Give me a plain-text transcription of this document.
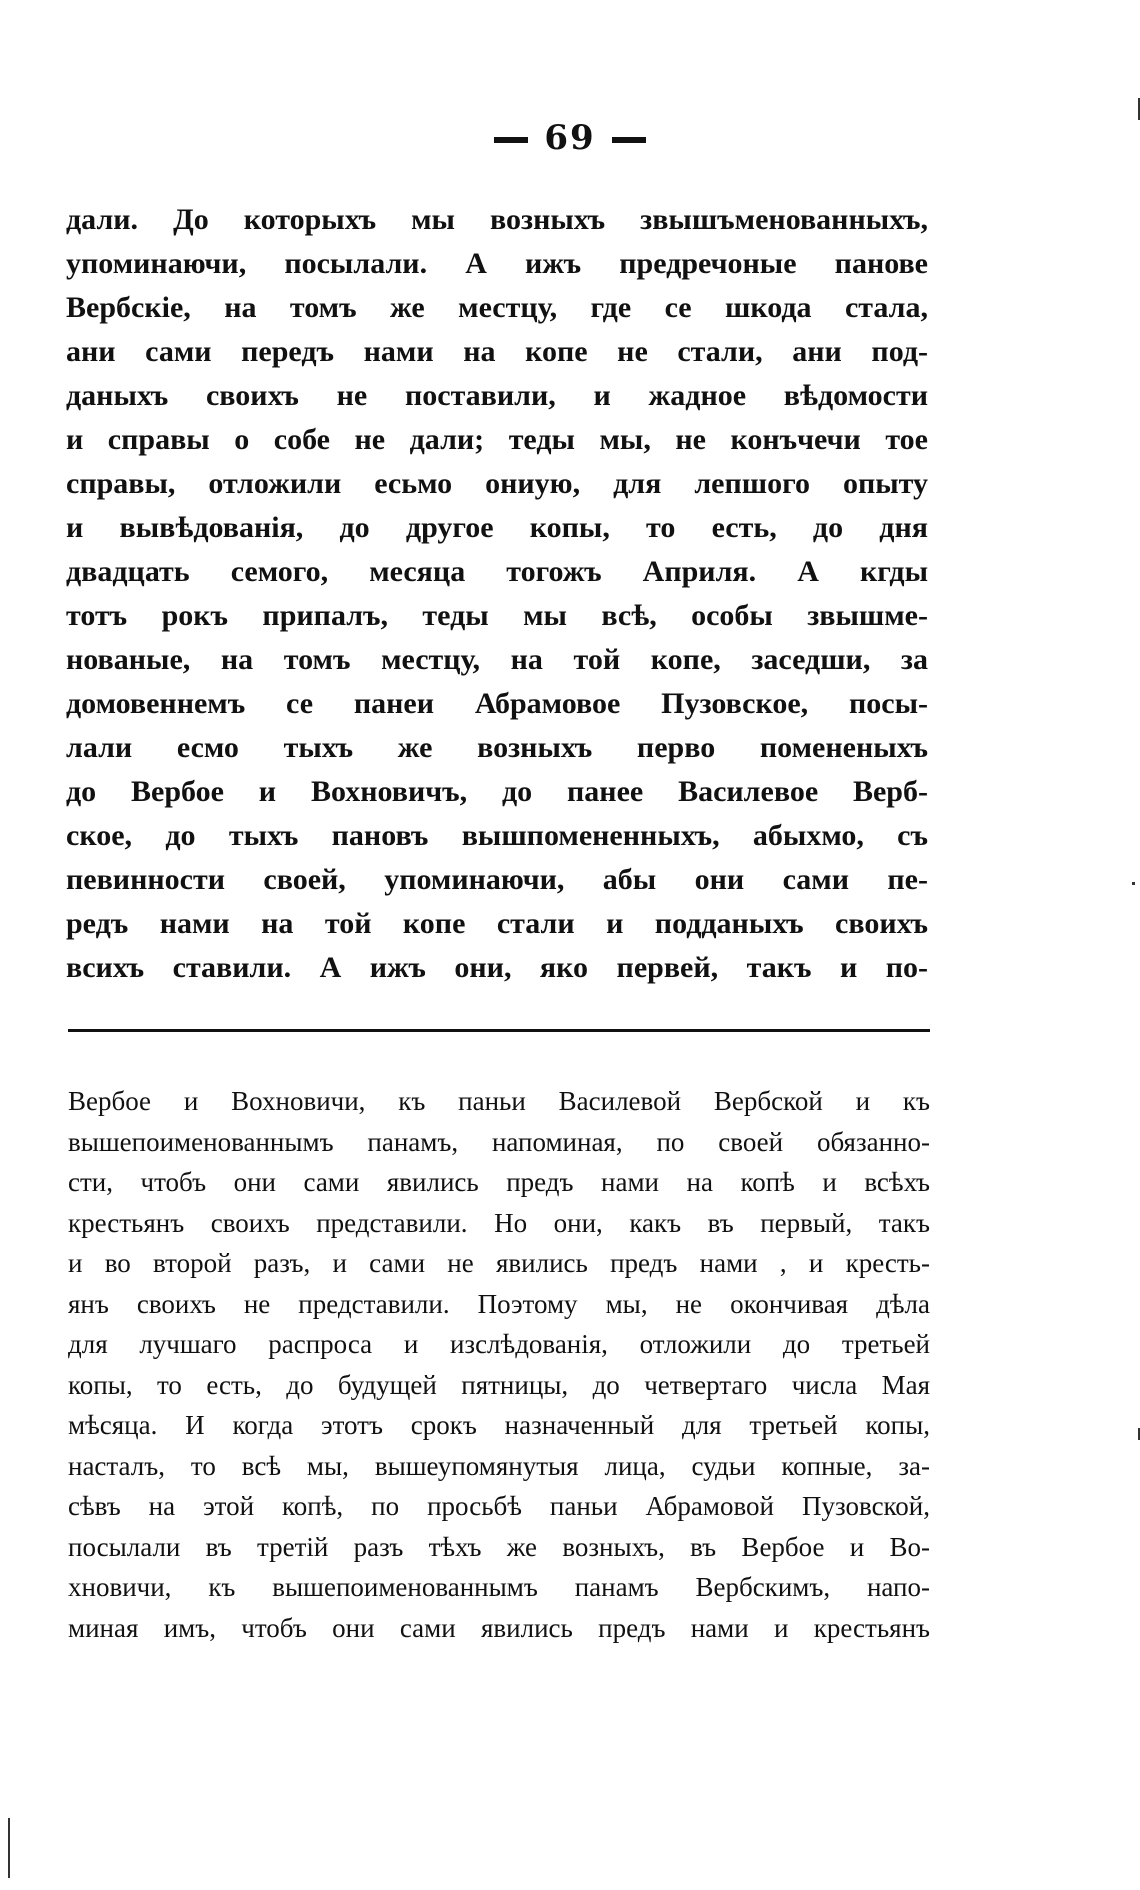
69
дали. До которыхъ мы возныхъ звышъменованныхъ,
упоминаючи, посылали. А ижъ предречоные панове
Вербскіе, на томъ же местцу, где се шкода стала,
ани сами передъ нами на копе не стали, ани под-
даныхъ своихъ не поставили, и жадное вѣдомости
и справы о собе не дали; теды мы, не конъчечи тое
справы, отложили есьмо ониую, для лепшого опыту
и вывѣдованія, до другое копы, то есть, до дня
двадцать семого, месяца тогожъ Априля. А кгды
тотъ рокъ припалъ, теды мы всѣ, особы звышме-
нованые, на томъ местцу, на той копе, заседши, за
домовеннемъ се панеи Абрамовое Пузовское, посы-
лали есмо тыхъ же возныхъ перво помененыхъ
до Вербое и Вохновичъ, до панее Василевое Верб-
ское, до тыхъ пановъ вышпомененныхъ, абыхмо, съ
певинности своей, упоминаючи, абы они сами пе-
редъ нами на той копе стали и подданыхъ своихъ
вcихъ ставили. А ижъ они, яко первей, такъ и по-
Вербое и Вохновичи, къ паньи Василевой Вербской и къ
вышепоименованнымъ панамъ, напоминая, по своей обязанно-
сти, чтобъ они сами явились предъ нами на копѣ и всѣхъ
крестьянъ своихъ представили. Но они, какъ въ первый, такъ
и во второй разъ, и сами не явились предъ нами , и кресть-
янъ своихъ не представили. Поэтому мы, не окончивая дѣла
для лучшаго распроса и изслѣдованія, отложили до третьей
копы, то есть, до будущей пятницы, до четвертаго числа Мая
мѣсяца. И когда этотъ срокъ назначенный для третьей копы,
насталъ, то всѣ мы, вышеупомянутыя лица, судьи копные, за-
сѣвъ на этой копѣ, по просьбѣ паньи Абрамовой Пузовской,
посылали въ третій разъ тѣхъ же возныхъ, въ Вербое и Во-
хновичи, къ вышепоименованнымъ панамъ Вербскимъ, напо-
миная имъ, чтобъ они сами явились предъ нами и крестьянъ
